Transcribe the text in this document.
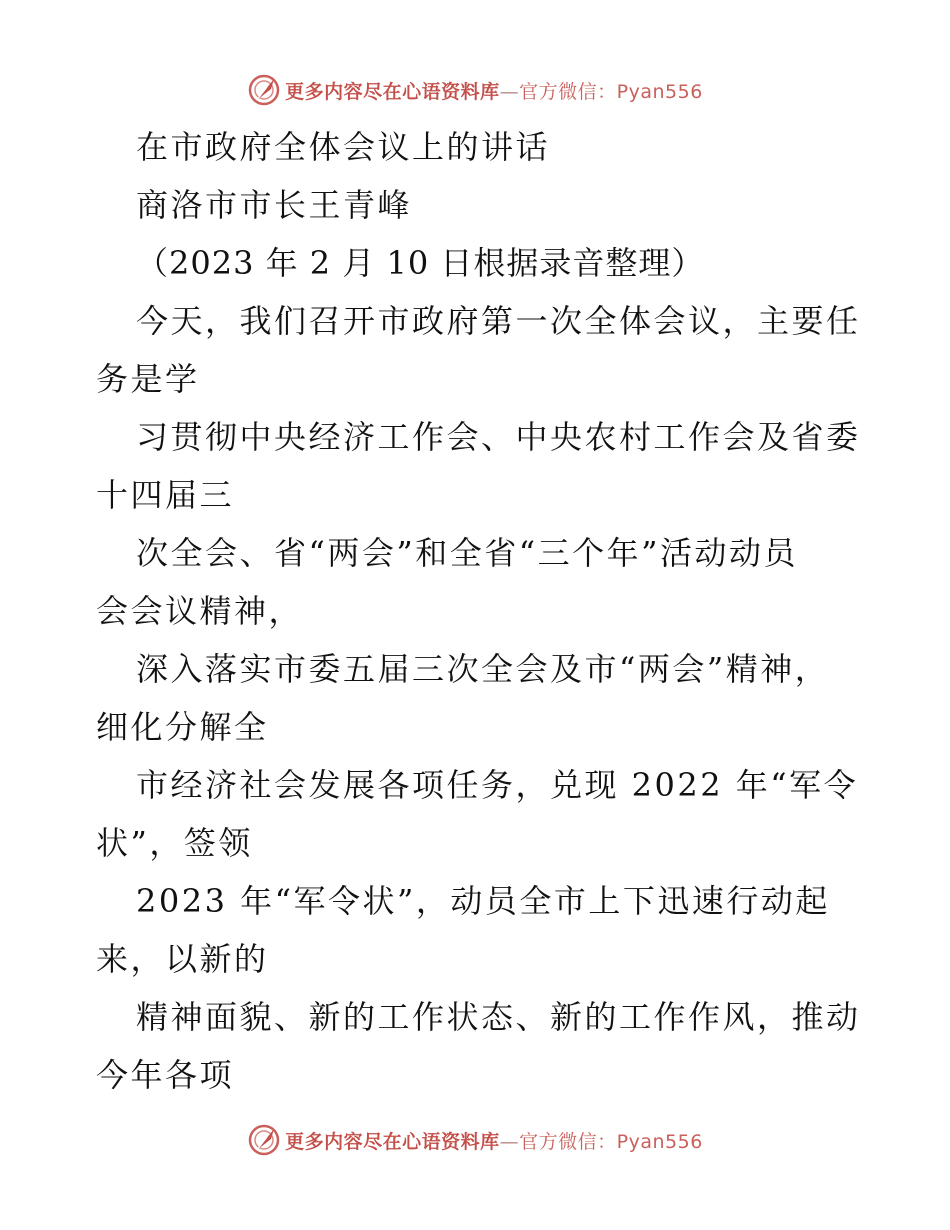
更多内容尽在心语资料库—官方微信：Pyan556
在市政府全体会议上的讲话
商洛市市长王青峰
（2023 年 2 月 10 日根据录音整理）
今天，我们召开市政府第一次全体会议，主要任
务是学
习贯彻中央经济工作会、中央农村工作会及省委
十四届三
次全会、省“两会”和全省“三个年”活动动员
会会议精神，
深入落实市委五届三次全会及市“两会”精神，
细化分解全
市经济社会发展各项任务，兑现 2022 年“军令
状”，签领
2023 年“军令状”，动员全市上下迅速行动起
来，以新的
精神面貌、新的工作状态、新的工作作风，推动
今年各项
更多内容尽在心语资料库—官方微信：Pyan556
